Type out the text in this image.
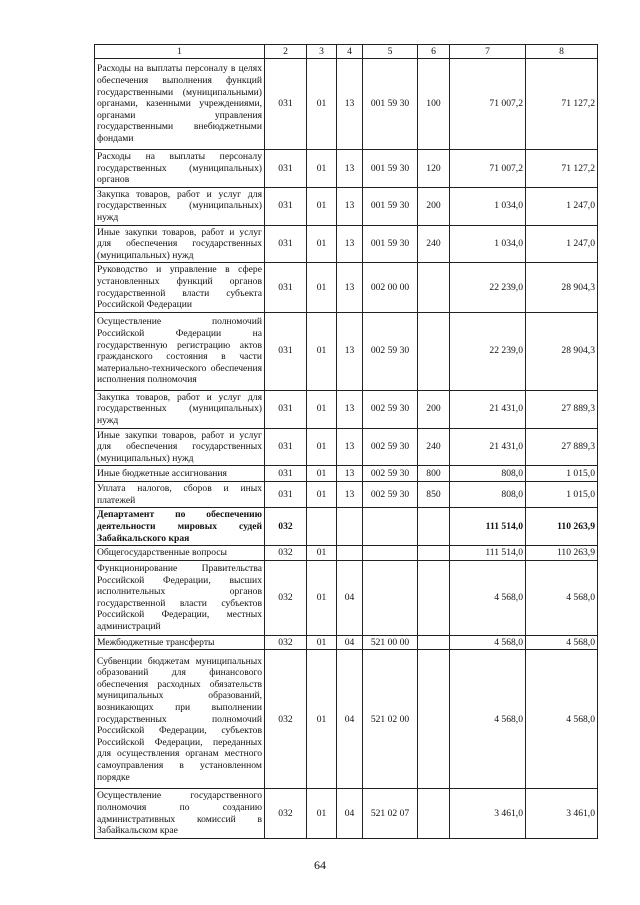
1	2	3	4	5	6	7	8
Расходы на выплаты персоналу в целях обеспечения выполнения функций государственными (муниципальными) органами, казенными учреждениями, органами управления государственными внебюджетными фондами	031	01	13	001 59 30	100	71 007,2	71 127,2
Расходы на выплаты персоналу государственных (муниципальных) органов	031	01	13	001 59 30	120	71 007,2	71 127,2
Закупка товаров, работ и услуг для государственных (муниципальных) нужд	031	01	13	001 59 30	200	1 034,0	1 247,0
Иные закупки товаров, работ и услуг для обеспечения государственных (муниципальных) нужд	031	01	13	001 59 30	240	1 034,0	1 247,0
Руководство и управление в сфере установленных функций органов государственной власти субъекта Российской Федерации	031	01	13	002 00 00		22 239,0	28 904,3
Осуществление полномочий Российской Федерации на государственную регистрацию актов гражданского состояния в части материально-технического обеспечения исполнения полномочия	031	01	13	002 59 30		22 239,0	28 904,3
Закупка товаров, работ и услуг для государственных (муниципальных) нужд	031	01	13	002 59 30	200	21 431,0	27 889,3
Иные закупки товаров, работ и услуг для обеспечения государственных (муниципальных) нужд	031	01	13	002 59 30	240	21 431,0	27 889,3
Иные бюджетные ассигнования	031	01	13	002 59 30	800	808,0	1 015,0
Уплата налогов, сборов и иных платежей	031	01	13	002 59 30	850	808,0	1 015,0
Департамент по обеспечению деятельности мировых судей Забайкальского края	032					111 514,0	110 263,9
Общегосударственные вопросы	032	01				111 514,0	110 263,9
Функционирование Правительства Российской Федерации, высших исполнительных органов государственной власти субъектов Российской Федерации, местных администраций	032	01	04			4 568,0	4 568,0
Межбюджетные трансферты	032	01	04	521 00 00		4 568,0	4 568,0
Субвенции бюджетам муниципальных образований для финансового обеспечения расходных обязательств муниципальных образований, возникающих при выполнении государственных полномочий Российской Федерации, субъектов Российской Федерации, переданных для осуществления органам местного самоуправления в установленном порядке	032	01	04	521 02 00		4 568,0	4 568,0
Осуществление государственного полномочия по созданию административных комиссий в Забайкальском крае	032	01	04	521 02 07		3 461,0	3 461,0
64
